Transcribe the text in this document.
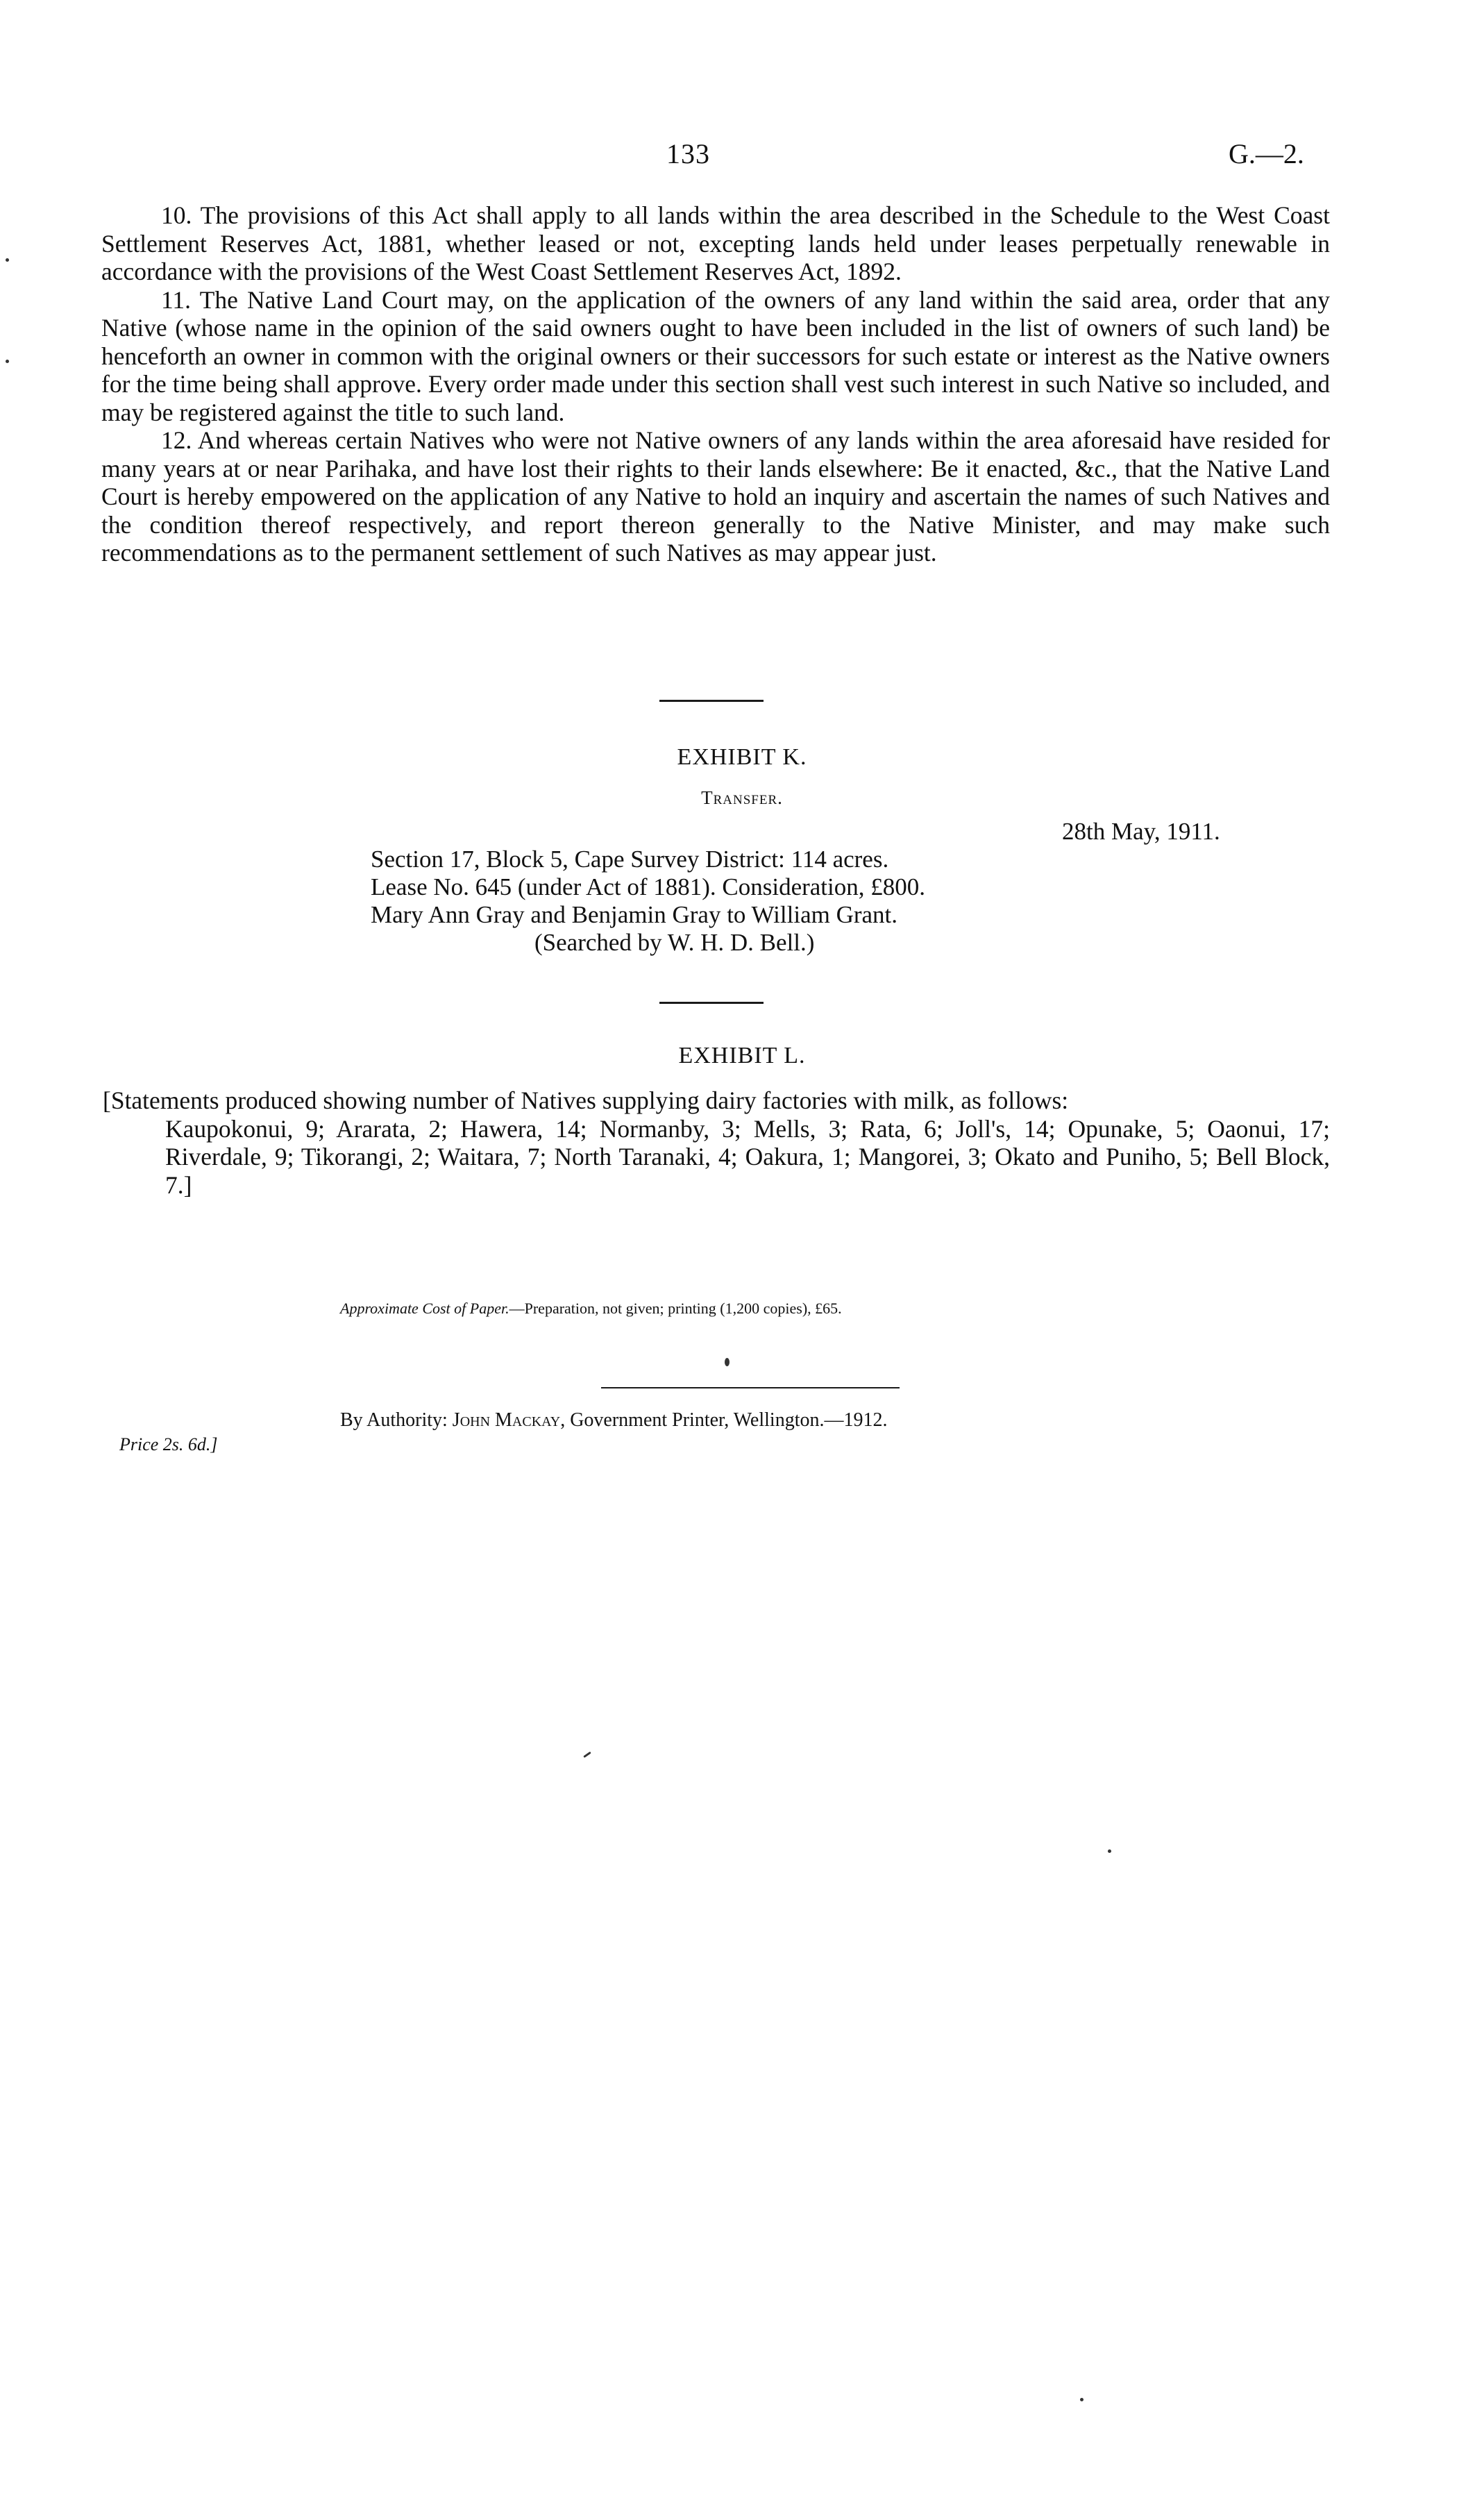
133	G.—2.

10. The provisions of this Act shall apply to all lands within the area described in the Schedule to the West Coast Settlement Reserves Act, 1881, whether leased or not, excepting lands held under leases perpetually renewable in accordance with the provisions of the West Coast Settlement Reserves Act, 1892.

11. The Native Land Court may, on the application of the owners of any land within the said area, order that any Native (whose name in the opinion of the said owners ought to have been included in the list of owners of such land) be henceforth an owner in common with the original owners or their successors for such estate or interest as the Native owners for the time being shall approve. Every order made under this section shall vest such interest in such Native so included, and may be registered against the title to such land.

12. And whereas certain Natives who were not Native owners of any lands within the area aforesaid have resided for many years at or near Parihaka, and have lost their rights to their lands elsewhere: Be it enacted, &c., that the Native Land Court is hereby empowered on the application of any Native to hold an inquiry and ascertain the names of such Natives and the condition thereof respectively, and report thereon generally to the Native Minister, and may make such recommendations as to the permanent settlement of such Natives as may appear just.

EXHIBIT K.
Transfer.
28th May, 1911.
Section 17, Block 5, Cape Survey District: 114 acres.
Lease No. 645 (under Act of 1881). Consideration, £800.
Mary Ann Gray and Benjamin Gray to William Grant.
(Searched by W. H. D. Bell.)
EXHIBIT L.
[Statements produced showing number of Natives supplying dairy factories with milk, as follows:
Kaupokonui, 9; Ararata, 2; Hawera, 14; Normanby, 3; Mells, 3; Rata, 6; Joll's, 14; Opunake, 5; Oaonui, 17; Riverdale, 9; Tikorangi, 2; Waitara, 7; North Taranaki, 4; Oakura, 1; Mangorei, 3; Okato and Puniho, 5; Bell Block, 7.]
Approximate Cost of Paper.—Preparation, not given; printing (1,200 copies), £65.
By Authority: John Mackay, Government Printer, Wellington.—1912.
Price 2s. 6d.]
